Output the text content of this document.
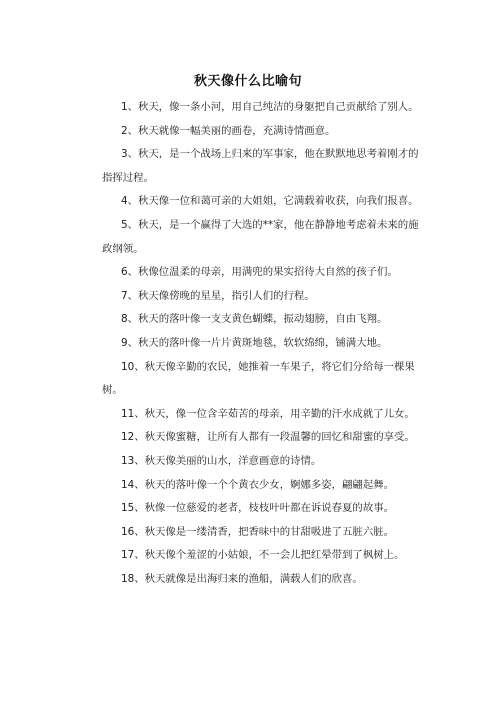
秋天像什么比喻句

1、秋天，像一条小河，用自己纯洁的身躯把自己贡献给了别人。

2、秋天就像一幅美丽的画卷，充满诗情画意。

3、秋天，是一个战场上归来的军事家，他在默默地思考着刚才的指挥过程。

4、秋天像一位和蔼可亲的大姐姐，它满载着收获，向我们报喜。

5、秋天，是一个赢得了大选的**家，他在静静地考虑着未来的施政纲领。

6、秋像位温柔的母亲，用满兜的果实招待大自然的孩子们。

7、秋天像傍晚的星星，指引人们的行程。

8、秋天的落叶像一支支黄色蝴蝶，振动翅膀，自由飞翔。

9、秋天的落叶像一片片黄斑地毯，软软绵绵，铺满大地。

10、秋天像辛勤的农民，她推着一车果子，将它们分给每一棵果树。

11、秋天，像一位含辛茹苦的母亲，用辛勤的汗水成就了儿女。

12、秋天像蜜糖，让所有人都有一段温馨的回忆和甜蜜的享受。

13、秋天像美丽的山水，洋意画意的诗情。

14、秋天的落叶像一个个黄衣少女，婀娜多姿，翩翩起舞。

15、秋像一位慈爱的老者，枝枝叶叶都在诉说春夏的故事。

16、秋天像是一缕清香，把香味中的甘甜吸进了五脏六脏。

17、秋天像个羞涩的小姑娘，不一会儿把红晕带到了枫树上。

18、秋天就像是出海归来的渔船，满载人们的欣喜。
